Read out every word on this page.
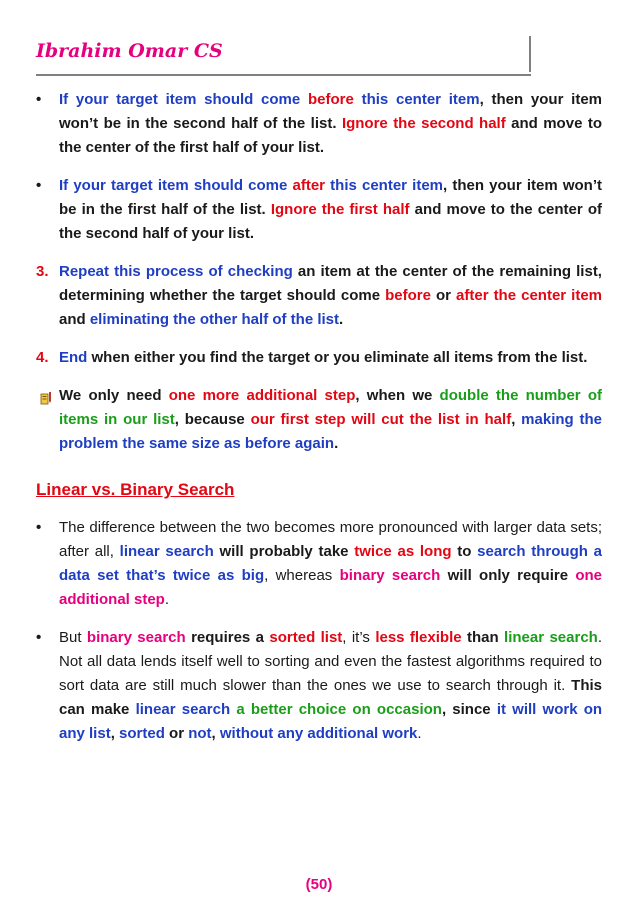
Ibrahim Omar CS
•	If your target item should come before this center item, then your item won’t be in the second half of the list. Ignore the second half and move to the center of the first half of your list.
•	If your target item should come after this center item, then your item won’t be in the first half of the list. Ignore the first half and move to the center of the second half of your list.
3. Repeat this process of checking an item at the center of the remaining list, determining whether the target should come before or after the center item and eliminating the other half of the list.
4. End when either you find the target or you eliminate all items from the list.
We only need one more additional step, when we double the number of items in our list, because our first step will cut the list in half, making the problem the same size as before again.
Linear vs. Binary Search
•	The difference between the two becomes more pronounced with larger data sets; after all, linear search will probably take twice as long to search through a data set that’s twice as big, whereas binary search will only require one additional step.
•	But binary search requires a sorted list, it’s less flexible than linear search. Not all data lends itself well to sorting and even the fastest algorithms required to sort data are still much slower than the ones we use to search through it. This can make linear search a better choice on occasion, since it will work on any list, sorted or not, without any additional work.
(50)
